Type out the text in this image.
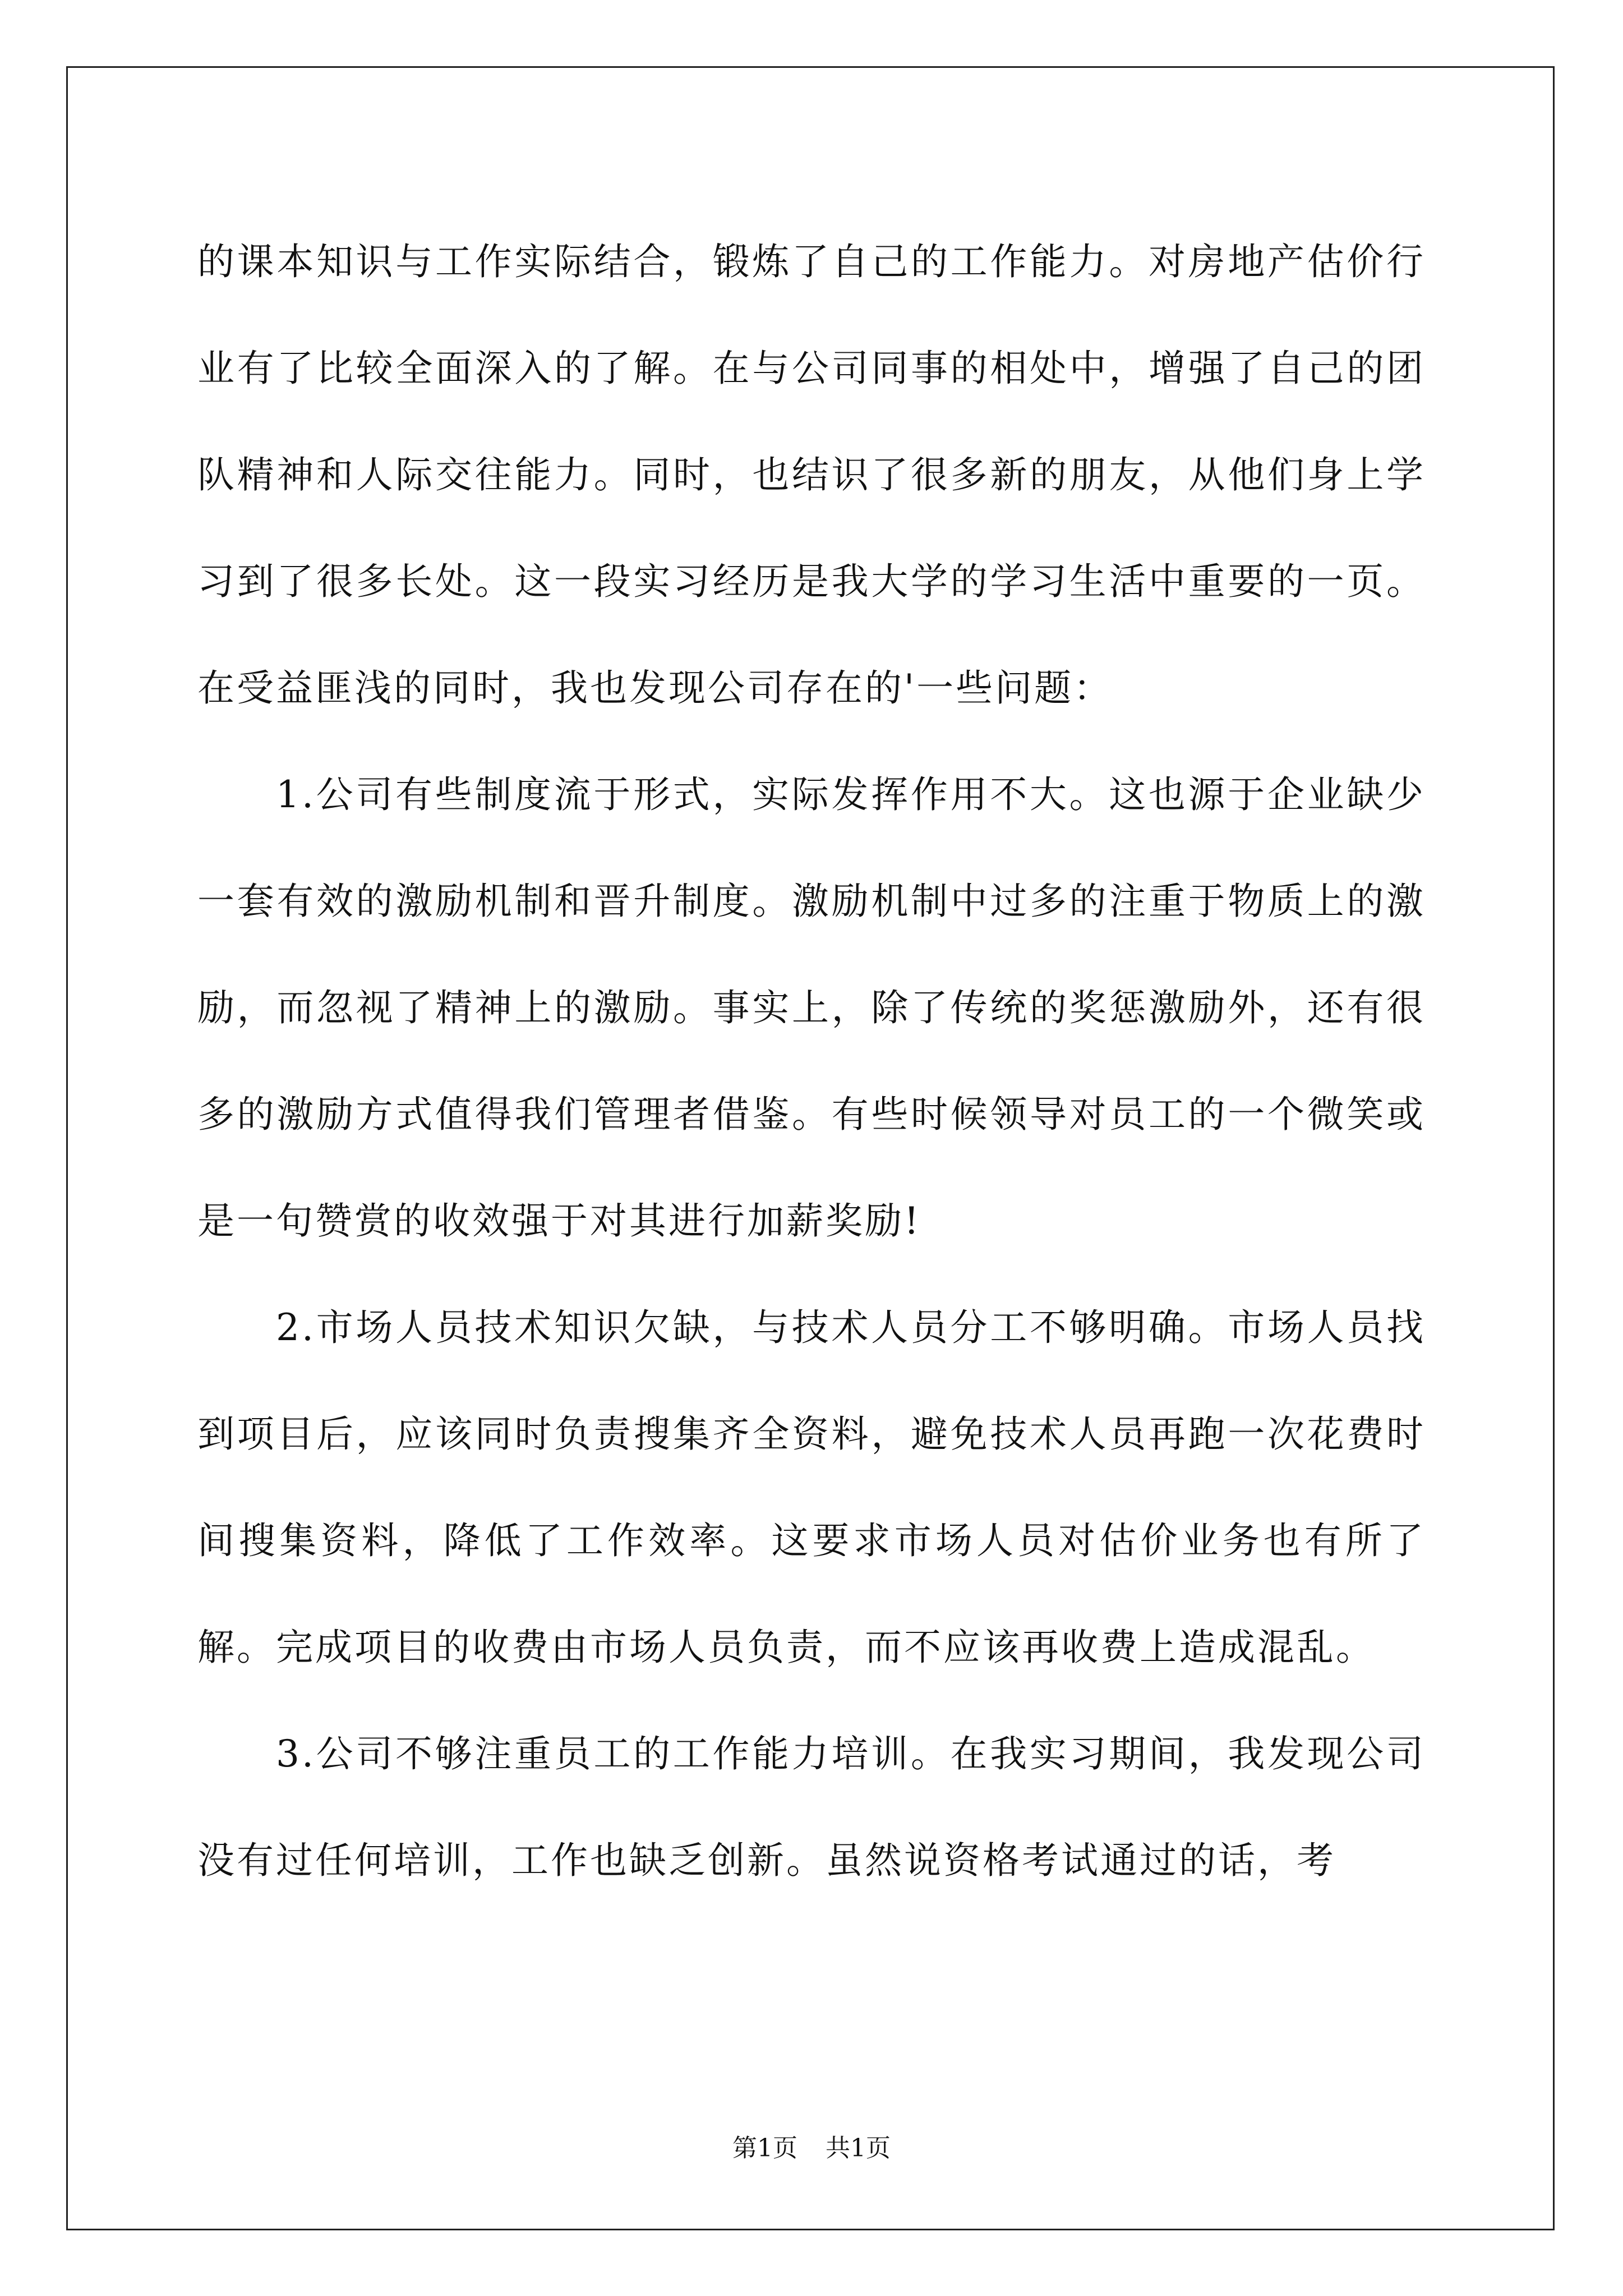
的课本知识与工作实际结合，锻炼了自己的工作能力。对房地产估价行业有了比较全面深入的了解。在与公司同事的相处中，增强了自己的团队精神和人际交往能力。同时，也结识了很多新的朋友，从他们身上学习到了很多长处。这一段实习经历是我大学的学习生活中重要的一页。在受益匪浅的同时，我也发现公司存在的'一些问题：

1.公司有些制度流于形式，实际发挥作用不大。这也源于企业缺少一套有效的激励机制和晋升制度。激励机制中过多的注重于物质上的激励，而忽视了精神上的激励。事实上，除了传统的奖惩激励外，还有很多的激励方式值得我们管理者借鉴。有些时候领导对员工的一个微笑或是一句赞赏的收效强于对其进行加薪奖励!

2.市场人员技术知识欠缺，与技术人员分工不够明确。市场人员找到项目后，应该同时负责搜集齐全资料，避免技术人员再跑一次花费时间搜集资料，降低了工作效率。这要求市场人员对估价业务也有所了解。完成项目的收费由市场人员负责，而不应该再收费上造成混乱。

3.公司不够注重员工的工作能力培训。在我实习期间，我发现公司没有过任何培训，工作也缺乏创新。虽然说资格考试通过的话，考

第1页 共1页
